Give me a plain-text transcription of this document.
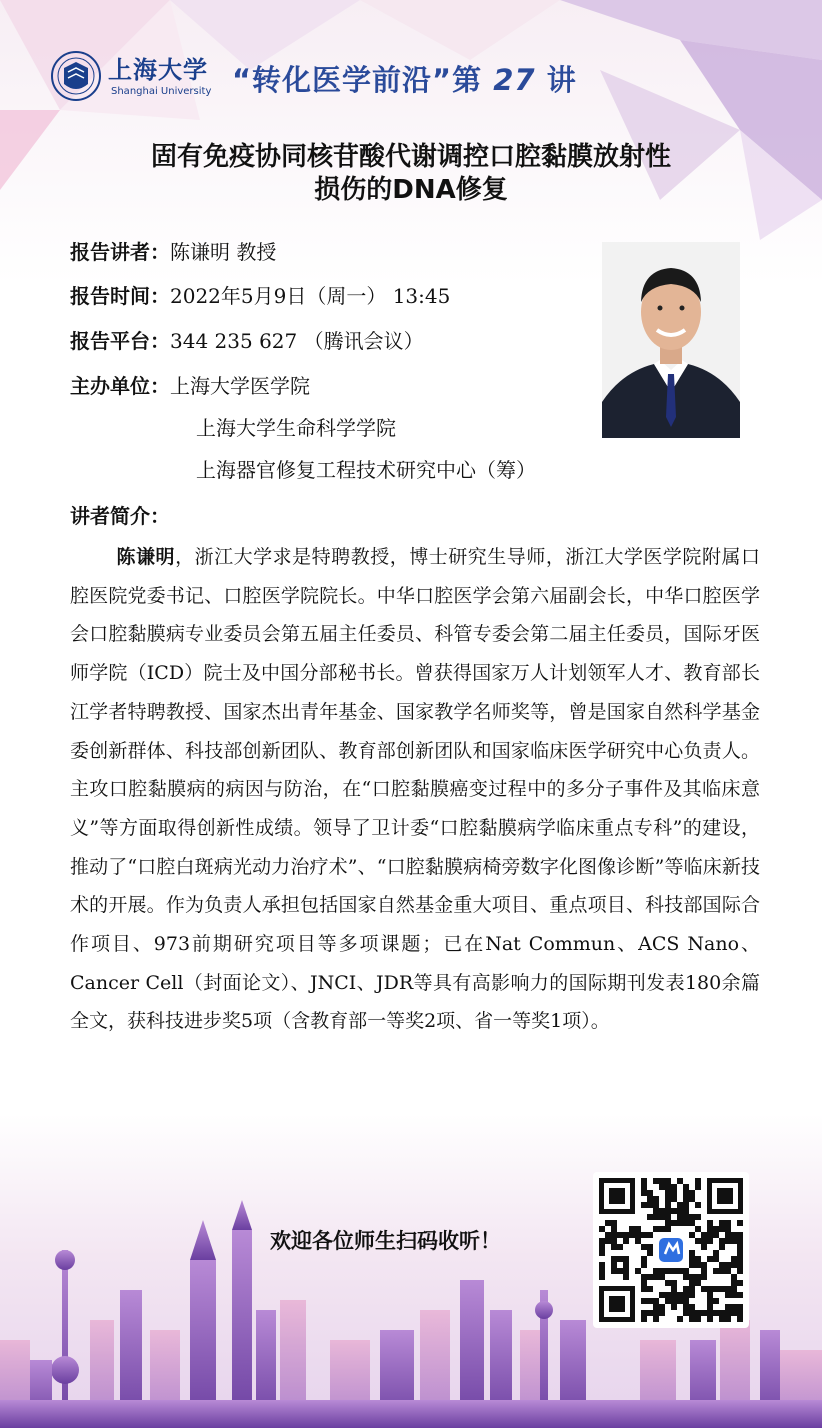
上海大学
Shanghai University “转化医学前沿”第 27 讲
固有免疫协同核苷酸代谢调控口腔黏膜放射性
损伤的DNA修复
报告讲者：陈谦明 教授
报告时间：2022年5月9日（周一） 13:45
报告平台：344 235 627 （腾讯会议）
主办单位：上海大学医学院
上海大学生命科学学院
上海器官修复工程技术研究中心（筹）
讲者简介：
陈谦明，浙江大学求是特聘教授，博士研究生导师，浙江大学医学院附属口腔医院党委书记、口腔医学院院长。中华口腔医学会第六届副会长，中华口腔医学会口腔黏膜病专业委员会第五届主任委员、科管专委会第二届主任委员，国际牙医师学院（ICD）院士及中国分部秘书长。曾获得国家万人计划领军人才、教育部长江学者特聘教授、国家杰出青年基金、国家教学名师奖等，曾是国家自然科学基金委创新群体、科技部创新团队、教育部创新团队和国家临床医学研究中心负责人。主攻口腔黏膜病的病因与防治，在“口腔黏膜癌变过程中的多分子事件及其临床意义”等方面取得创新性成绩。领导了卫计委“口腔黏膜病学临床重点专科”的建设，推动了“口腔白斑病光动力治疗术”、“口腔黏膜病椅旁数字化图像诊断”等临床新技术的开展。作为负责人承担包括国家自然基金重大项目、重点项目、科技部国际合作项目、973前期研究项目等多项课题；已在Nat Commun、ACS Nano、Cancer Cell（封面论文）、JNCI、JDR等具有高影响力的国际期刊发表180余篇全文，获科技进步奖5项（含教育部一等奖2项、省一等奖1项）。
欢迎各位师生扫码收听！
